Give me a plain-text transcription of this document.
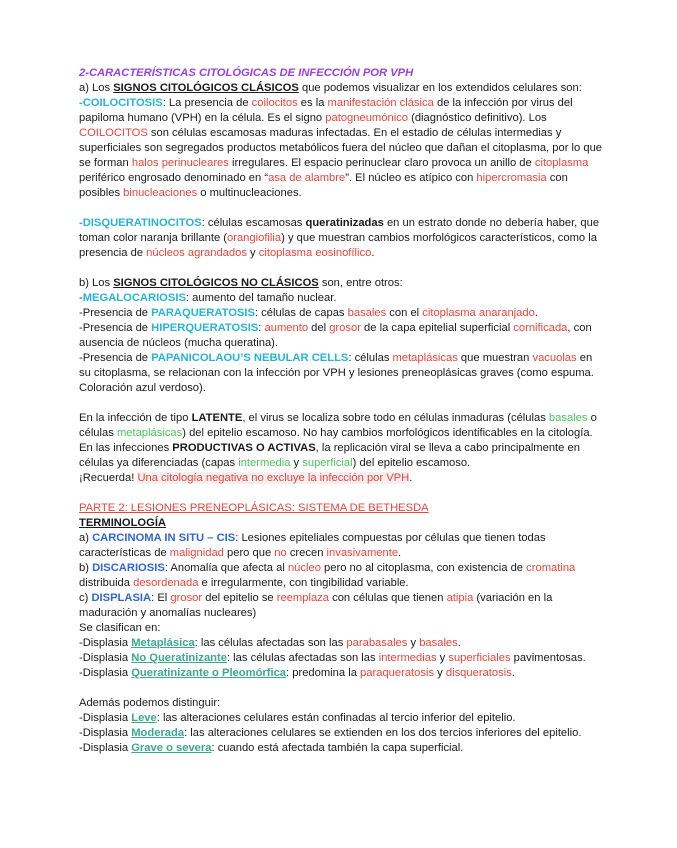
2-CARACTERÍSTICAS CITOLÓGICAS DE INFECCIÓN POR VPH

a) Los SIGNOS CITOLÓGICOS CLÁSICOS que podemos visualizar en los extendidos celulares son:

-COILOCITOSIS: La presencia de coilocitos es la manifestación clásica de la infección por virus del papiloma humano (VPH) en la célula. Es el signo patogneumónico (diagnóstico definitivo). Los COILOCITOS son células escamosas maduras infectadas. En el estadio de células intermedias y superficiales son segregados productos metabólicos fuera del núcleo que dañan el citoplasma, por lo que se forman halos perinucleares irregulares. El espacio perinuclear claro provoca un anillo de citoplasma periférico engrosado denominado en “asa de alambre”. El núcleo es atípico con hipercromasia con posibles binucleaciones o multinucleaciones.

-DISQUERATINOCITOS: células escamosas queratinizadas en un estrato donde no debería haber, que toman color naranja brillante (orangiofilia) y que muestran cambios morfológicos característicos, como la presencia de núcleos agrandados y citoplasma eosinofílico.

b) Los SIGNOS CITOLÓGICOS NO CLÁSICOS son, entre otros:

-MEGALOCARIOSIS: aumento del tamaño nuclear.

-Presencia de PARAQUERATOSIS: células de capas basales con el citoplasma anaranjado.

-Presencia de HIPERQUERATOSIS: aumento del grosor de la capa epitelial superficial cornificada, con ausencia de núcleos (mucha queratina).

-Presencia de PAPANICOLAOU’S NEBULAR CELLS: células metaplásicas que muestran vacuolas en su citoplasma, se relacionan con la infección por VPH y lesiones preneoplásicas graves (como espuma. Coloración azul verdoso).

En la infección de tipo LATENTE, el virus se localiza sobre todo en células inmaduras (células basales o células metaplásicas) del epitelio escamoso. No hay cambios morfológicos identificables en la citología.

En las infecciones PRODUCTIVAS O ACTIVAS, la replicación viral se lleva a cabo principalmente en células ya diferenciadas (capas intermedia y superficial) del epitelio escamoso.

¡Recuerda! Una citología negativa no excluye la infección por VPH.

PARTE 2: LESIONES PRENEOPLÁSICAS: SISTEMA DE BETHESDA

TERMINOLOGÍA

a) CARCINOMA IN SITU – CIS: Lesiones epiteliales compuestas por células que tienen todas características de malignidad pero que no crecen invasivamente.

b) DISCARIOSIS: Anomalía que afecta al núcleo pero no al citoplasma, con existencia de cromatina distribuida desordenada e irregularmente, con tingibilidad variable.

c) DISPLASIA: El grosor del epitelio se reemplaza con células que tienen atipia (variación en la maduración y anomalías nucleares)

Se clasifican en:

-Displasia Metaplásica: las células afectadas son las parabasales y basales.

-Displasia No Queratinizante: las células afectadas son las intermedias y superficiales pavimentosas.

-Displasia Queratinizante o Pleomórfica: predomina la paraqueratosis y disqueratosis.

Además podemos distinguir:

-Displasia Leve: las alteraciones celulares están confinadas al tercio inferior del epitelio.

-Displasia Moderada: las alteraciones celulares se extienden en los dos tercios inferiores del epitelio.

-Displasia Grave o severa: cuando está afectada también la capa superficial.
